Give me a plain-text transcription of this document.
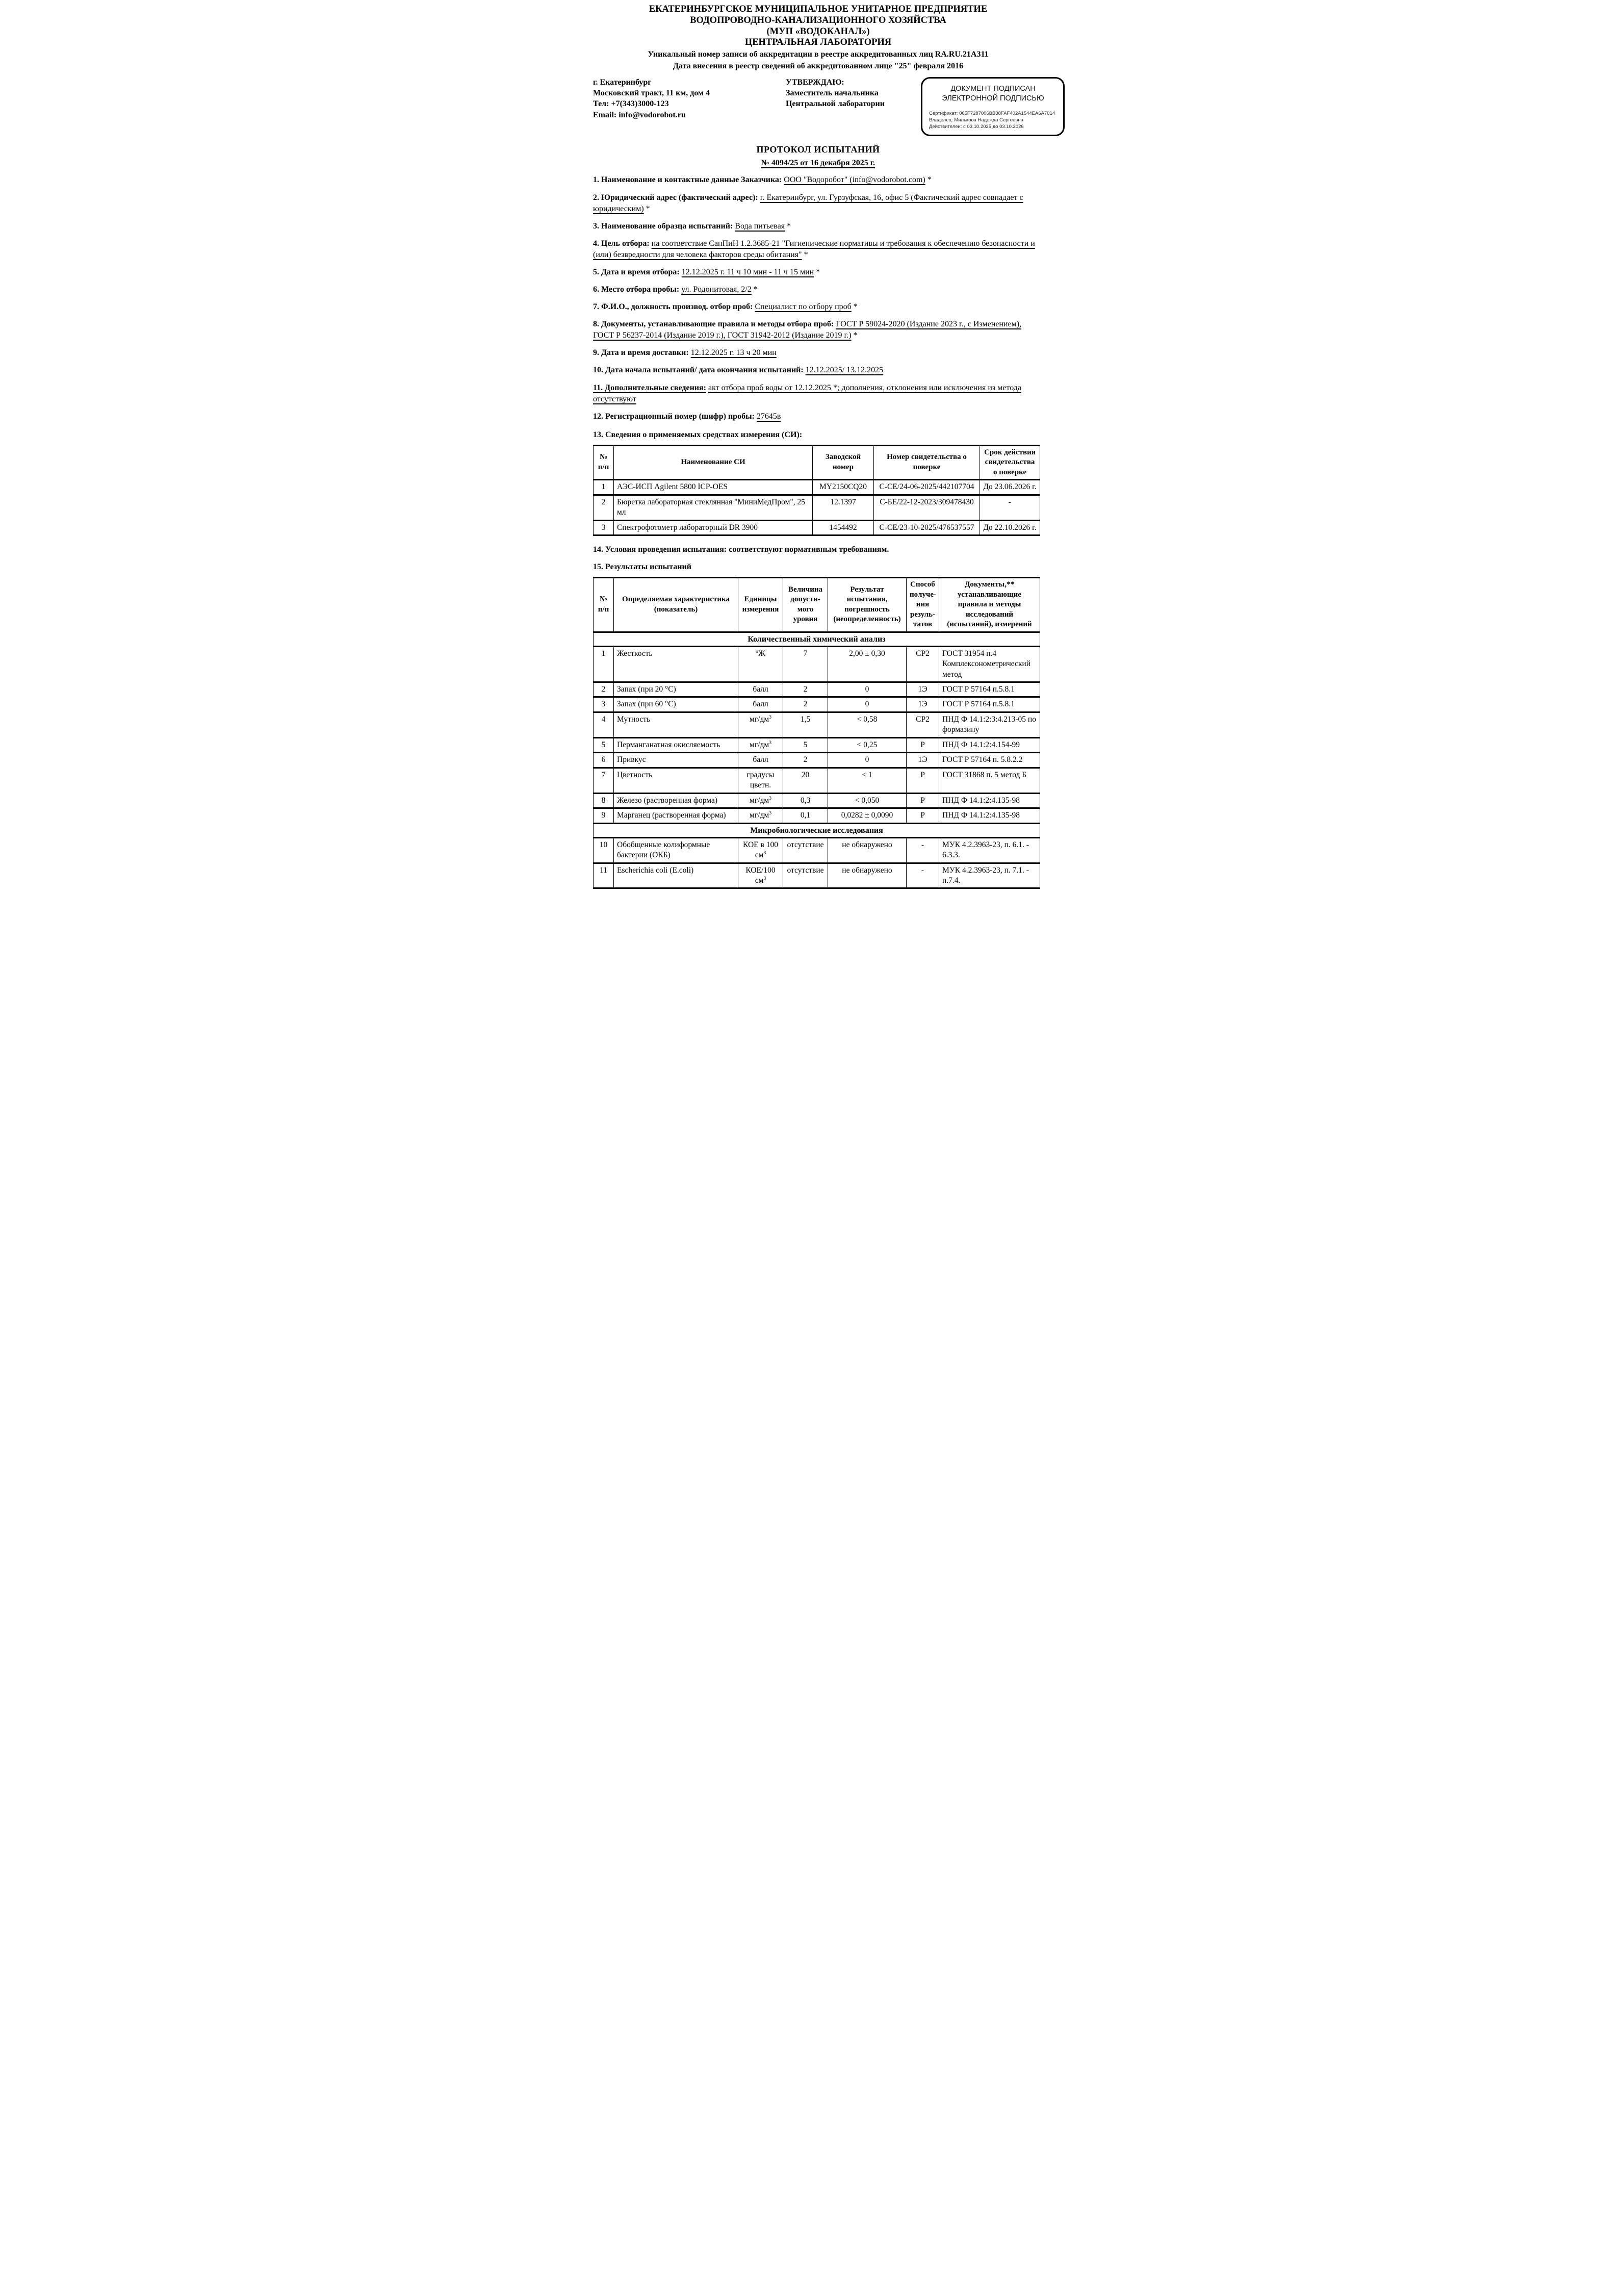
ЕКАТЕРИНБУРГСКОЕ МУНИЦИПАЛЬНОЕ УНИТАРНОЕ ПРЕДПРИЯТИЕ
ВОДОПРОВОДНО-КАНАЛИЗАЦИОННОГО ХОЗЯЙСТВА
(МУП «ВОДОКАНАЛ»)
ЦЕНТРАЛЬНАЯ ЛАБОРАТОРИЯ
Уникальный номер записи об аккредитации в реестре аккредитованных лиц RA.RU.21А311
Дата внесения в реестр сведений об аккредитованном лице "25" февраля 2016
г. Екатеринбург
Московский тракт, 11 км, дом 4
Тел: +7(343)3000-123
Email: info@vodorobot.ru
УТВЕРЖДАЮ:
Заместитель начальника
Центральной лаборатории
ДОКУМЕНТ ПОДПИСАН
ЭЛЕКТРОННОЙ ПОДПИСЬЮ
Сертификат: 065F7287006BB38FAF402A1544EA6A7014
Владелец: Милькова Надежда Сергеевна
Действителен: с 03.10.2025 до 03.10.2026
ПРОТОКОЛ ИСПЫТАНИЙ
№ 4094/25 от 16 декабря 2025 г.

1. Наименование и контактные данные Заказчика: ООО "Водоробот" (info@vodorobot.com) *

2. Юридический адрес (фактический адрес): г. Екатеринбург, ул. Гурзуфская, 16, офис 5 (Фактический адрес совпадает с юридическим) *

3. Наименование образца испытаний: Вода питьевая *

4. Цель отбора: на соответствие СанПиН 1.2.3685-21 "Гигиенические нормативы и требования к обеспечению безопасности и (или) безвредности для человека факторов среды обитания" *

5. Дата и время отбора: 12.12.2025 г. 11 ч 10 мин - 11 ч 15 мин *

6. Место отбора пробы: ул. Родонитовая, 2/2 *

7. Ф.И.О., должность производ. отбор проб: Специалист по отбору проб *

8. Документы, устанавливающие правила и методы отбора проб: ГОСТ Р 59024-2020 (Издание 2023 г., с Изменением), ГОСТ Р 56237-2014 (Издание 2019 г.), ГОСТ 31942-2012 (Издание 2019 г.) *

9. Дата и время доставки: 12.12.2025 г. 13 ч 20 мин

10. Дата начала испытаний/ дата окончания испытаний: 12.12.2025/ 13.12.2025

11. Дополнительные сведения: акт отбора проб воды от 12.12.2025 *; дополнения, отклонения или исключения из метода отсутствуют

12. Регистрационный номер (шифр) пробы: 27645в

13. Сведения о применяемых средствах измерения (СИ):

№ п/п	Наименование СИ	Заводской номер	Номер свидетельства о поверке	Срок действия свидетельства о поверке
1	АЭС-ИСП Agilent 5800 ICP-OES	MY2150CQ20	С-СЕ/24-06-2025/442107704	До 23.06.2026 г.
2	Бюретка лабораторная стеклянная "МиниМедПром", 25 мл	12.1397	С-БЕ/22-12-2023/309478430	-
3	Спектрофотометр лабораторный DR 3900	1454492	С-СЕ/23-10-2025/476537557	До 22.10.2026 г.

14. Условия проведения испытания: соответствуют нормативным требованиям.

15. Результаты испытаний

№ п/п	Определяемая характеристика (показатель)	Единицы измерения	Величина допусти- мого уровня	Результат испытания, погрешность (неопределенность)	Способ получе- ния резуль- татов	Документы,** устанавливающие правила и методы исследований (испытаний), измерений
Количественный химический анализ						
1	Жесткость	$^о$Ж	7	2,00 ± 0,30	СР2	ГОСТ 31954 п.4 Комплексонометрический метод
2	Запах (при 20 °С)	балл	2	0	1Э	ГОСТ Р 57164 п.5.8.1
3	Запах (при 60 °С)	балл	2	0	1Э	ГОСТ Р 57164 п.5.8.1
4	Мутность	$мг/дм^3$	1,5	< 0,58	СР2	ПНД Ф 14.1:2:3:4.213-05 по формазину
5	Перманганатная окисляемость	$мг/дм^3$	5	< 0,25	Р	ПНД Ф 14.1:2:4.154-99
6	Привкус	балл	2	0	1Э	ГОСТ Р 57164 п. 5.8.2.2
7	Цветность	градусы цветн.	20	< 1	Р	ГОСТ 31868 п. 5 метод Б
8	Железо (растворенная форма)	$мг/дм^3$	0,3	< 0,050	Р	ПНД Ф 14.1:2:4.135-98
9	Марганец (растворенная форма)	$мг/дм^3$	0,1	0,0282 ± 0,0090	Р	ПНД Ф 14.1:2:4.135-98
Микробиологические исследования						
10	Обобщенные колиформные бактерии (ОКБ)	КОЕ в 100 $см^3$	отсутствие	не обнаружено	-	МУК 4.2.3963-23, п. 6.1. - 6.3.3.
11	Escherichia coli (E.coli)	КОЕ/100 $см^3$	отсутствие	не обнаружено	-	МУК 4.2.3963-23, п. 7.1. - п.7.4.
